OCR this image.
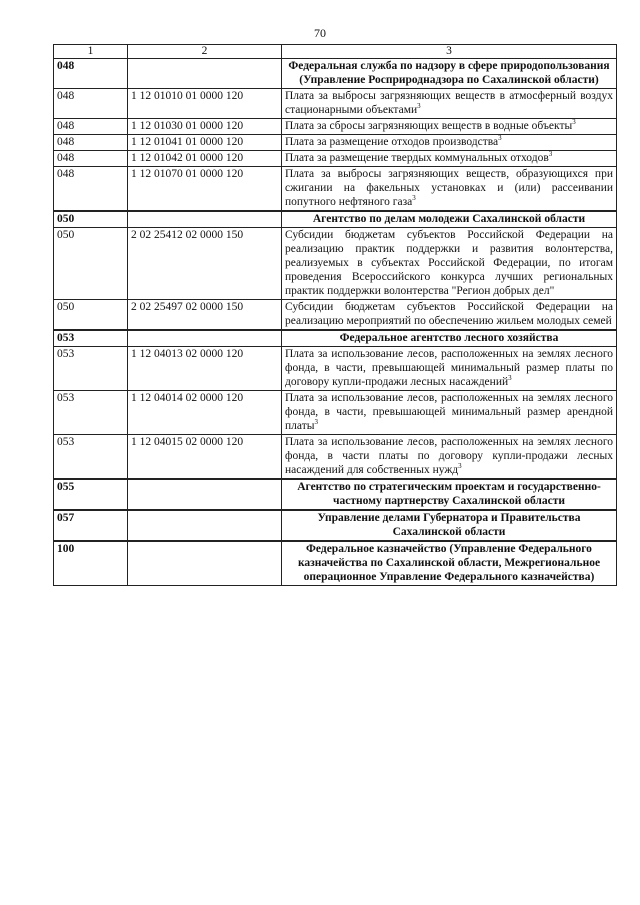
70
1	2	3
048		Федеральная служба по надзору в сфере природопользования (Управление Росприроднадзора по Сахалинской области)
048	1 12 01010 01 0000 120	Плата за выбросы загрязняющих веществ в атмосферный воздух стационарными объектами$^3$
048	1 12 01030 01 0000 120	Плата за сбросы загрязняющих веществ в водные объекты$^3$
048	1 12 01041 01 0000 120	Плата за размещение отходов производства$^3$
048	1 12 01042 01 0000 120	Плата за размещение твердых коммунальных отходов$^3$
048	1 12 01070 01 0000 120	Плата за выбросы загрязняющих веществ, образующихся при сжигании на факельных установках и (или) рассеивании попутного нефтяного газа$^3$
050		Агентство по делам молодежи Сахалинской области
050	2 02 25412 02 0000 150	Субсидии бюджетам субъектов Российской Федерации на реализацию практик поддержки и развития волонтерства, реализуемых в субъектах Российской Федерации, по итогам проведения Всероссийского конкурса лучших региональных практик поддержки волонтерства "Регион добрых дел"
050	2 02 25497 02 0000 150	Субсидии бюджетам субъектов Российской Федерации на реализацию мероприятий по обеспечению жильем молодых семей
053		Федеральное агентство лесного хозяйства
053	1 12 04013 02 0000 120	Плата за использование лесов, расположенных на землях лесного фонда, в части, превышающей минимальный размер платы по договору купли-продажи лесных насаждений$^3$
053	1 12 04014 02 0000 120	Плата за использование лесов, расположенных на землях лесного фонда, в части, превышающей минимальный размер арендной платы$^3$
053	1 12 04015 02 0000 120	Плата за использование лесов, расположенных на землях лесного фонда, в части платы по договору купли-продажи лесных насаждений для собственных нужд$^3$
055		Агентство по стратегическим проектам и государственно-частному партнерству Сахалинской области
057		Управление делами Губернатора и Правительства Сахалинской области
100		Федеральное казначейство (Управление Федерального казначейства по Сахалинской области, Межрегиональное операционное Управление Федерального казначейства)
